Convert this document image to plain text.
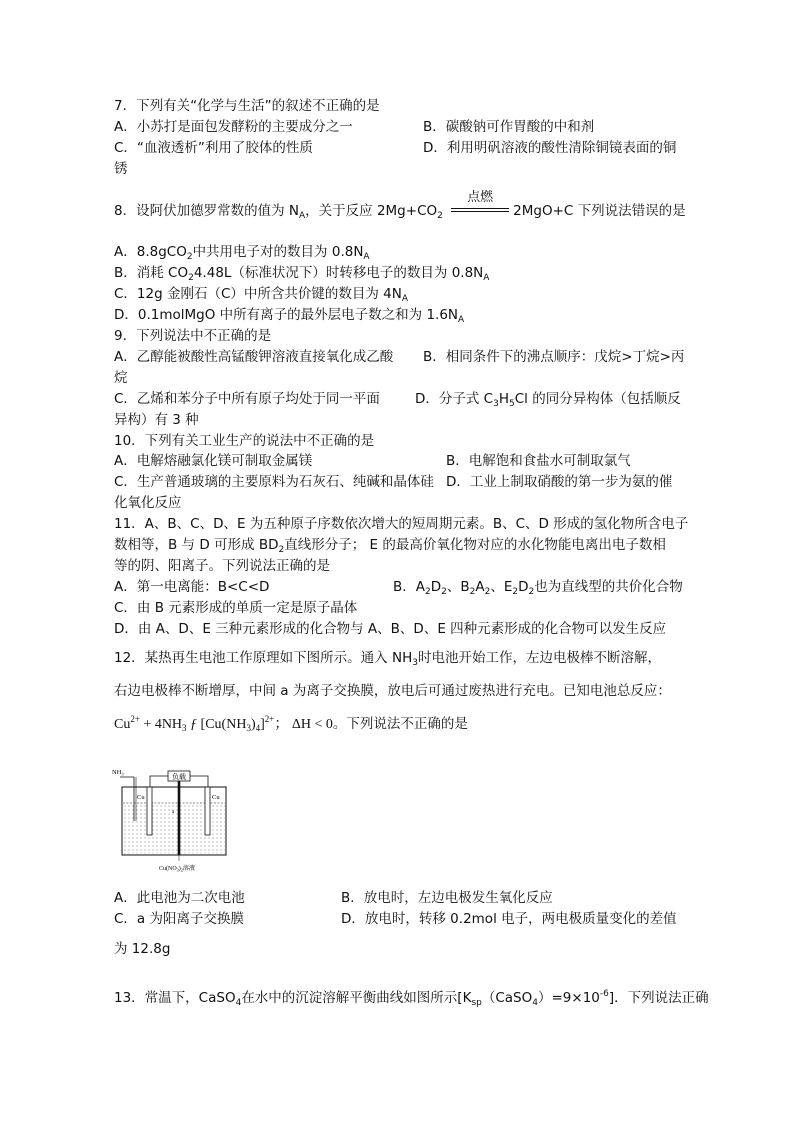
7．下列有关“化学与生活”的叙述不正确的是
A．小苏打是面包发酵粉的主要成分之一	B．碳酸钠可作胃酸的中和剂
C．“血液透析”利用了胶体的性质	D．利用明矾溶液的酸性清除铜镜表面的铜
锈
8．设阿伏加德罗常数的值为 $N_A$，关于反应 $2Mg+CO_2$
点燃
2MgO+C 下列说法错误的是
A．8.8gCO$_2$中共用电子对的数目为 $0.8N_A$
B．消耗 $CO_24.48L$（标准状况下）时转移电子的数目为 $0.8N_A$
C．12g 金刚石（C）中所含共价键的数目为 $4N_A$
D．0.1molMgO 中所有离子的最外层电子数之和为 $1.6N_A$
9．下列说法中不正确的是
A．乙醇能被酸性高锰酸钾溶液直接氧化成乙酸 B．相同条件下的沸点顺序：戊烷>丁烷>丙
烷
C．乙烯和苯分子中所有原子均处于同一平面	D．分子式 $C_3H_5Cl$ 的同分异构体（包括顺反
异构）有 3 种
10．下列有关工业生产的说法中不正确的是
A．电解熔融氯化镁可制取金属镁	B．电解饱和食盐水可制取氯气
C．生产普通玻璃的主要原料为石灰石、纯碱和晶体硅 D．工业上制取硝酸的第一步为氨的催
化氧化反应
11．A、B、C、D、E 为五种原子序数依次增大的短周期元素。B、C、D 形成的氢化物所含电子
数相等，B 与 D 可形成 $BD_2$直线形分子； E 的最高价氧化物对应的水化物能电离出电子数相
等的阴、阳离子。下列说法正确的是
A．第一电离能：B<C<D	B．$A_2D_2$、$B_2A_2$、$E_2D_2$也为直线型的共价化合物
C．由 B 元素形成的单质一定是原子晶体
D．由 A、D、E 三种元素形成的化合物与 A、B、D、E 四种元素形成的化合物可以发生反应
12．某热再生电池工作原理如下图所示。通入 $NH_3$时电池开始工作，左边电极棒不断溶解，
右边电极棒不断增厚，中间 a 为离子交换膜，放电后可通过废热进行充电。已知电池总反应：
$Cu^{2+} + 4NH_3$ ƒ $[Cu(NH_3)_4]^{2+}$； ΔH < 0。下列说法不正确的是
负载
$NH_3$
Cu	Cu
a
$Cu(NO_3)_2$溶液
A．此电池为二次电池	B．放电时，左边电极发生氧化反应
C．a 为阳离子交换膜	D．放电时，转移 0.2mol 电子，两电极质量变化的差值
为 12.8g
13．常温下，CaSO$_4$在水中的沉淀溶解平衡曲线如图所示$[K_{sp}(CaSO_4)=9\times 10^{-6}]$．下列说法正确
